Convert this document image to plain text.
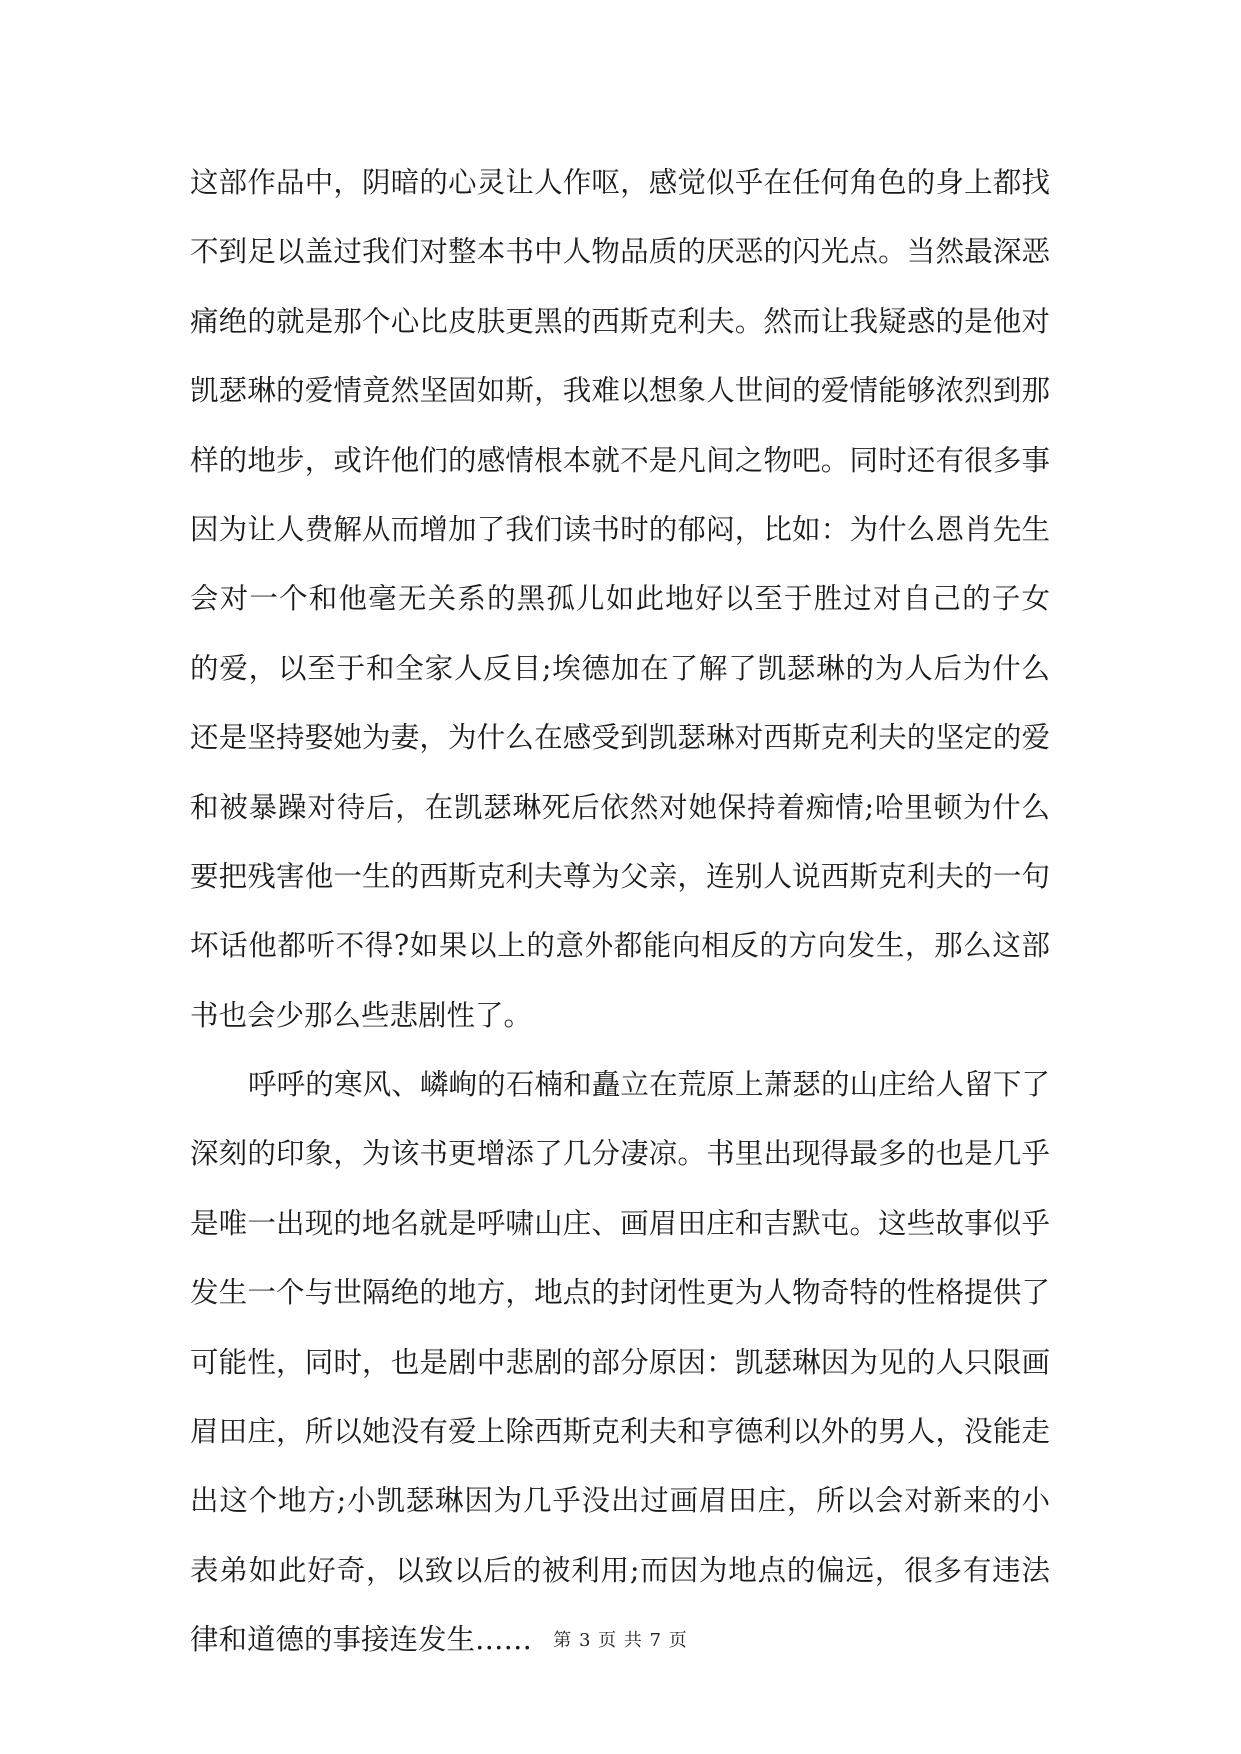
这部作品中，阴暗的心灵让人作呕，感觉似乎在任何角色的身上都找
不到足以盖过我们对整本书中人物品质的厌恶的闪光点。当然最深恶
痛绝的就是那个心比皮肤更黑的西斯克利夫。然而让我疑惑的是他对
凯瑟琳的爱情竟然坚固如斯，我难以想象人世间的爱情能够浓烈到那
样的地步，或许他们的感情根本就不是凡间之物吧。同时还有很多事
因为让人费解从而增加了我们读书时的郁闷，比如：为什么恩肖先生
会对一个和他毫无关系的黑孤儿如此地好以至于胜过对自己的子女
的爱，以至于和全家人反目;埃德加在了解了凯瑟琳的为人后为什么
还是坚持娶她为妻，为什么在感受到凯瑟琳对西斯克利夫的坚定的爱
和被暴躁对待后，在凯瑟琳死后依然对她保持着痴情;哈里顿为什么
要把残害他一生的西斯克利夫尊为父亲，连别人说西斯克利夫的一句
坏话他都听不得?如果以上的意外都能向相反的方向发生，那么这部
书也会少那么些悲剧性了。
呼呼的寒风、嶙峋的石楠和矗立在荒原上萧瑟的山庄给人留下了
深刻的印象，为该书更增添了几分凄凉。书里出现得最多的也是几乎
是唯一出现的地名就是呼啸山庄、画眉田庄和吉默屯。这些故事似乎
发生一个与世隔绝的地方，地点的封闭性更为人物奇特的性格提供了
可能性，同时，也是剧中悲剧的部分原因：凯瑟琳因为见的人只限画
眉田庄，所以她没有爱上除西斯克利夫和亨德利以外的男人，没能走
出这个地方;小凯瑟琳因为几乎没出过画眉田庄，所以会对新来的小
表弟如此好奇，以致以后的被利用;而因为地点的偏远，很多有违法
律和道德的事接连发生……	第 3 页 共 7 页
